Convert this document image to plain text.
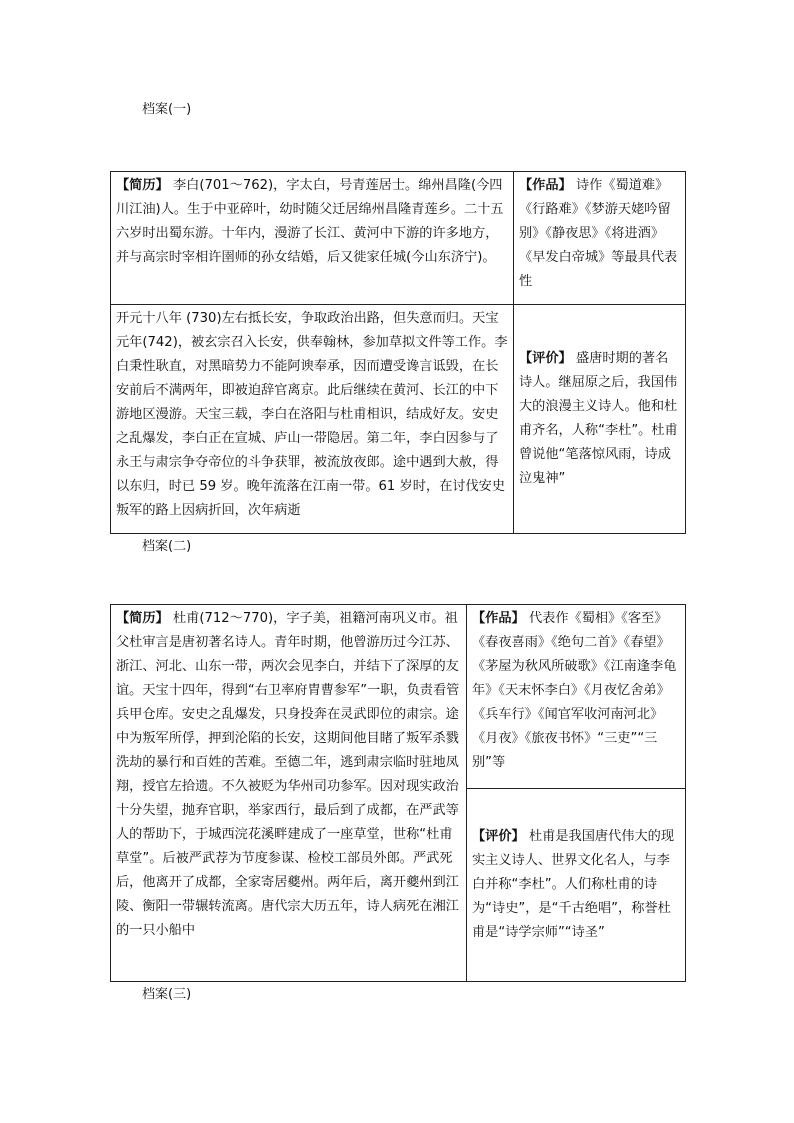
档案(一)
【简历】 李白(701～762)，字太白，号青莲居士。绵州昌隆(今四川江油)人。生于中亚碎叶，幼时随父迁居绵州昌隆青莲乡。二十五六岁时出蜀东游。十年内，漫游了长江、黄河中下游的许多地方，并与高宗时宰相许圉师的孙女结婚，后又徙家任城(今山东济宁)。	【作品】 诗作《蜀道难》《行路难》《梦游天姥吟留别》《静夜思》《将进酒》《早发白帝城》等最具代表性
开元十八年 (730)左右抵长安，争取政治出路，但失意而归。天宝元年(742)，被玄宗召入长安，供奉翰林，参加草拟文件等工作。李白秉性耿直，对黑暗势力不能阿谀奉承，因而遭受谗言诋毁，在长安前后不满两年，即被迫辞官离京。此后继续在黄河、长江的中下游地区漫游。天宝三载，李白在洛阳与杜甫相识，结成好友。安史之乱爆发，李白正在宣城、庐山一带隐居。第二年，李白因参与了永王与肃宗争夺帝位的斗争获罪，被流放夜郎。途中遇到大赦，得以东归，时已 59 岁。晚年流落在江南一带。61 岁时，在讨伐安史叛军的路上因病折回，次年病逝	【评价】 盛唐时期的著名诗人。继屈原之后，我国伟大的浪漫主义诗人。他和杜甫齐名，人称“李杜”。杜甫曾说他“笔落惊风雨，诗成泣鬼神”
档案(二)
【简历】 杜甫(712～770)，字子美，祖籍河南巩义市。祖父杜审言是唐初著名诗人。青年时期，他曾游历过今江苏、浙江、河北、山东一带，两次会见李白，并结下了深厚的友谊。天宝十四年，得到“右卫率府胄曹参军”一职，负责看管兵甲仓库。安史之乱爆发，只身投奔在灵武即位的肃宗。途中为叛军所俘，押到沦陷的长安，这期间他目睹了叛军杀戮洗劫的暴行和百姓的苦难。至德二年，逃到肃宗临时驻地凤翔，授官左拾遗。不久被贬为华州司功参军。因对现实政治十分失望，抛弃官职，举家西行，最后到了成都，在严武等人的帮助下，于城西浣花溪畔建成了一座草堂，世称“杜甫草堂”。后被严武荐为节度参谋、检校工部员外郎。严武死后，他离开了成都，全家寄居夔州。两年后，离开夔州到江陵、衡阳一带辗转流离。唐代宗大历五年，诗人病死在湘江的一只小船中	【作品】 代表作《蜀相》《客至》《春夜喜雨》《绝句二首》《春望》《茅屋为秋风所破歌》《江南逢李龟年》《天末怀李白》《月夜忆舍弟》《兵车行》《闻官军收河南河北》《月夜》《旅夜书怀》“三吏”“三别”等
【评价】 杜甫是我国唐代伟大的现实主义诗人、世界文化名人，与李白并称“李杜”。人们称杜甫的诗为“诗史”，是“千古绝唱”，称誉杜甫是“诗学宗师”“诗圣”
档案(三)
